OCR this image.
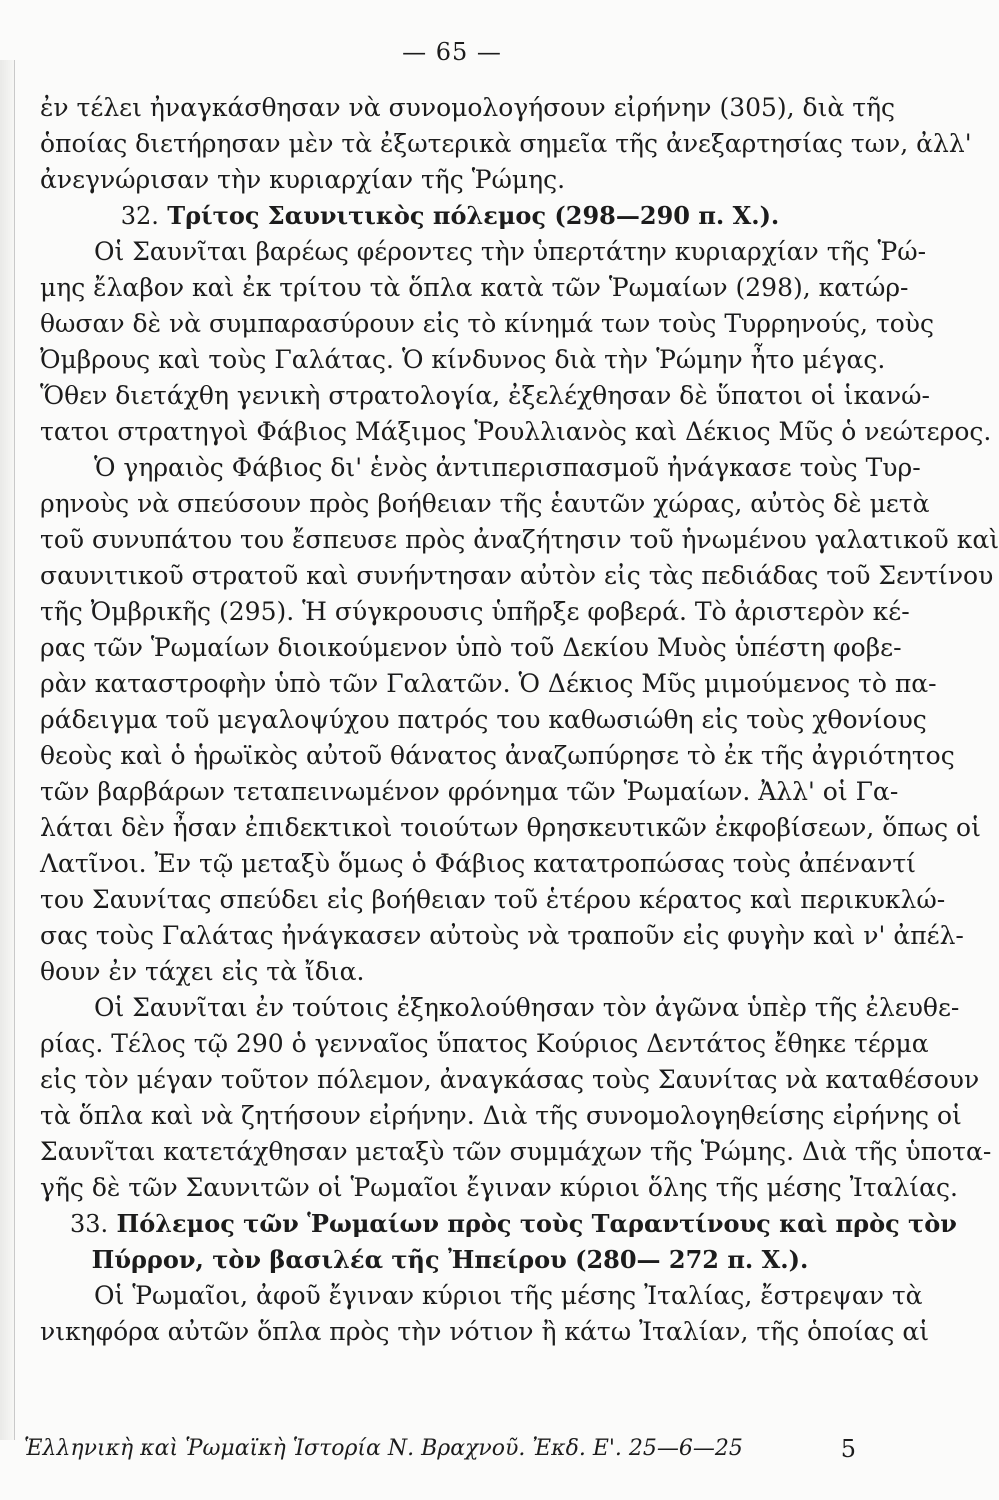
— 65 —
ἐν τέλει ἠναγκάσθησαν νὰ συνομολογήσουν εἰρήνην (305), διὰ τῆς
ὁποίας διετήρησαν μὲν τὰ ἐξωτερικὰ σημεῖα τῆς ἀνεξαρτησίας των, ἀλλ'
ἀνεγνώρισαν τὴν κυριαρχίαν τῆς Ῥώμης.
32. Τρίτος Σαυνιτικὸς πόλεμος (298—290 π. Χ.).
Οἱ Σαυνῖται βαρέως φέροντες τὴν ὑπερτάτην κυριαρχίαν τῆς Ῥώ-
μης ἔλαβον καὶ ἐκ τρίτου τὰ ὅπλα κατὰ τῶν Ῥωμαίων (298), κατώρ-
θωσαν δὲ νὰ συμπαρασύρουν εἰς τὸ κίνημά των τοὺς Τυρρηνούς, τοὺς
Ὀμβρους καὶ τοὺς Γαλάτας. Ὁ κίνδυνος διὰ τὴν Ῥώμην ἦτο μέγας.
Ὅθεν διετάχθη γενικὴ στρατολογία, ἐξελέχθησαν δὲ ὕπατοι οἱ ἱκανώ-
τατοι στρατηγοὶ Φάβιος Μάξιμος Ῥουλλιανὸς καὶ Δέκιος Μῦς ὁ νεώτερος.
Ὁ γηραιὸς Φάβιος δι' ἑνὸς ἀντιπερισπασμοῦ ἠνάγκασε τοὺς Τυρ-
ρηνοὺς νὰ σπεύσουν πρὸς βοήθειαν τῆς ἑαυτῶν χώρας, αὐτὸς δὲ μετὰ
τοῦ συνυπάτου του ἔσπευσε πρὸς ἀναζήτησιν τοῦ ἡνωμένου γαλατικοῦ καὶ
σαυνιτικοῦ στρατοῦ καὶ συνήντησαν αὐτὸν εἰς τὰς πεδιάδας τοῦ Σεντίνου
τῆς Ὀμβρικῆς (295). Ἡ σύγκρουσις ὑπῆρξε φοβερά. Τὸ ἀριστερὸν κέ-
ρας τῶν Ῥωμαίων διοικούμενον ὑπὸ τοῦ Δεκίου Μυὸς ὑπέστη φοβε-
ρὰν καταστροφὴν ὑπὸ τῶν Γαλατῶν. Ὁ Δέκιος Μῦς μιμούμενος τὸ πα-
ράδειγμα τοῦ μεγαλοψύχου πατρός του καθωσιώθη εἰς τοὺς χθονίους
θεοὺς καὶ ὁ ἡρωϊκὸς αὐτοῦ θάνατος ἀναζωπύρησε τὸ ἐκ τῆς ἀγριότητος
τῶν βαρβάρων τεταπεινωμένον φρόνημα τῶν Ῥωμαίων. Ἀλλ' οἱ Γα-
λάται δὲν ἦσαν ἐπιδεκτικοὶ τοιούτων θρησκευτικῶν ἐκφοβίσεων, ὅπως οἱ
Λατῖνοι. Ἐν τῷ μεταξὺ ὅμως ὁ Φάβιος κατατροπώσας τοὺς ἀπέναντί
του Σαυνίτας σπεύδει εἰς βοήθειαν τοῦ ἑτέρου κέρατος καὶ περικυκλώ-
σας τοὺς Γαλάτας ἠνάγκασεν αὐτοὺς νὰ τραποῦν εἰς φυγὴν καὶ ν' ἀπέλ-
θουν ἐν τάχει εἰς τὰ ἴδια.
Οἱ Σαυνῖται ἐν τούτοις ἐξηκολούθησαν τὸν ἀγῶνα ὑπὲρ τῆς ἐλευθε-
ρίας. Τέλος τῷ 290 ὁ γενναῖος ὕπατος Κούριος Δεντάτος ἔθηκε τέρμα
εἰς τὸν μέγαν τοῦτον πόλεμον, ἀναγκάσας τοὺς Σαυνίτας νὰ καταθέσουν
τὰ ὅπλα καὶ νὰ ζητήσουν εἰρήνην. Διὰ τῆς συνομολογηθείσης εἰρήνης οἱ
Σαυνῖται κατετάχθησαν μεταξὺ τῶν συμμάχων τῆς Ῥώμης. Διὰ τῆς ὑποτα-
γῆς δὲ τῶν Σαυνιτῶν οἱ Ῥωμαῖοι ἔγιναν κύριοι ὅλης τῆς μέσης Ἰταλίας.
33. Πόλεμος τῶν Ῥωμαίων πρὸς τοὺς Ταραντίνους καὶ πρὸς τὸν
Πύρρον, τὸν βασιλέα τῆς Ἠπείρου (280— 272 π. Χ.).
Οἱ Ῥωμαῖοι, ἀφοῦ ἔγιναν κύριοι τῆς μέσης Ἰταλίας, ἔστρεψαν τὰ
νικηφόρα αὐτῶν ὅπλα πρὸς τὴν νότιον ἢ κάτω Ἰταλίαν, τῆς ὁποίας αἱ
Ἑλληνικὴ καὶ Ῥωμαϊκὴ Ἱστορία Ν. Βραχνοῦ. Ἐκδ. Ε'. 25—6—25	5
